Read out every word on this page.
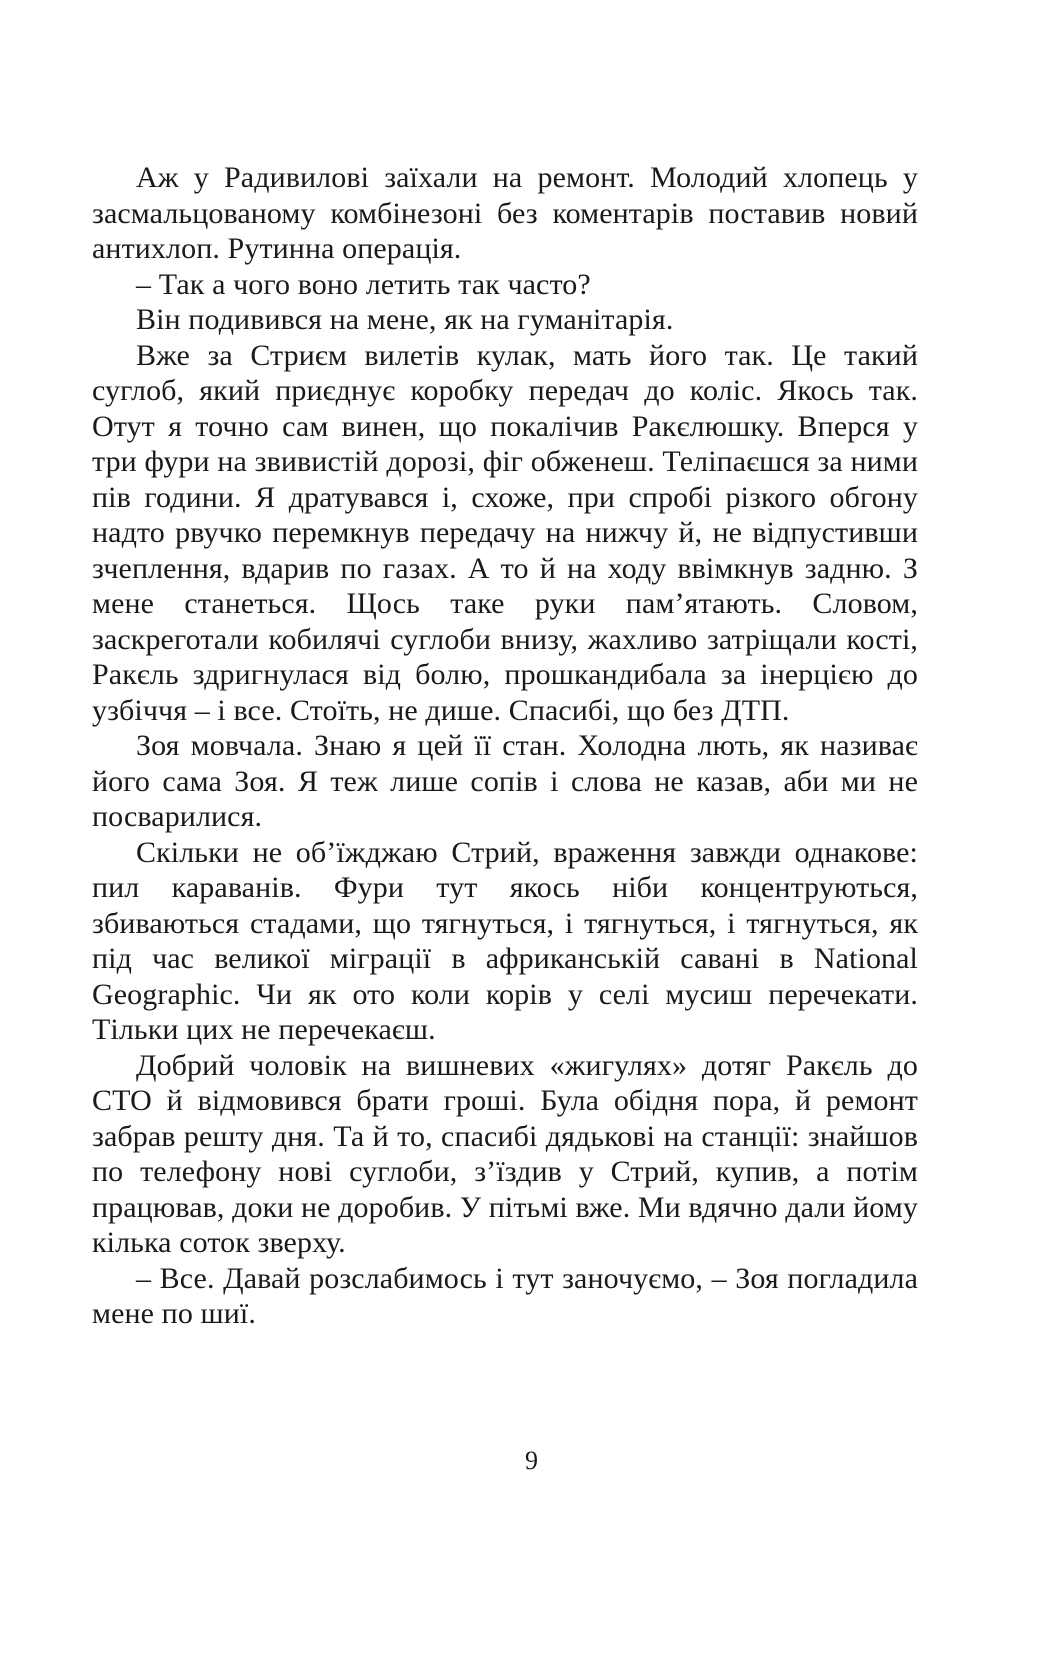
Аж у Радивилові заїхали на ремонт. Молодий хлопець у засмальцованому комбінезоні без коментарів поставив новий антихлоп. Рутинна операція.

– Так а чого воно летить так часто?

Він подивився на мене, як на гуманітарія.

Вже за Стриєм вилетів кулак, мать його так. Це такий суглоб, який приєднує коробку передач до коліс. Якось так. Отут я точно сам винен, що покалічив Ракєлюшку. Вперся у три фури на звивистій дорозі, фіг обженеш. Теліпаєшся за ними пів години. Я дратувався і, схоже, при спробі різкого обгону надто рвучко перемкнув передачу на нижчу й, не відпустивши зчеплення, вдарив по газах. А то й на ходу ввімкнув задню. З мене станеться. Щось таке руки пам’ятають. Словом, заскреготали кобилячі суглоби внизу, жахливо затріщали кості, Ракєль здригнулася від болю, прошкандибала за інерцією до узбіччя – і все. Стоїть, не дише. Спасибі, що без ДТП.

Зоя мовчала. Знаю я цей її стан. Холодна лють, як називає його сама Зоя. Я теж лише сопів і слова не казав, аби ми не посварилися.

Скільки не об’їжджаю Стрий, враження завжди однакове: пил караванів. Фури тут якось ніби концентруються, збиваються стадами, що тягнуться, і тягнуться, і тягнуться, як під час великої міграції в африканській савані в National Geographic. Чи як ото коли корів у селі мусиш перечекати. Тільки цих не перечекаєш.

Добрий чоловік на вишневих «жигулях» дотяг Ракєль до СТО й відмовився брати гроші. Була обідня пора, й ремонт забрав решту дня. Та й то, спасибі дядькові на станції: знайшов по телефону нові суглоби, з’їздив у Стрий, купив, а потім працював, доки не доробив. У пітьмі вже. Ми вдячно дали йому кілька соток зверху.

– Все. Давай розслабимось і тут заночуємо, – Зоя погладила мене по шиї.

9
